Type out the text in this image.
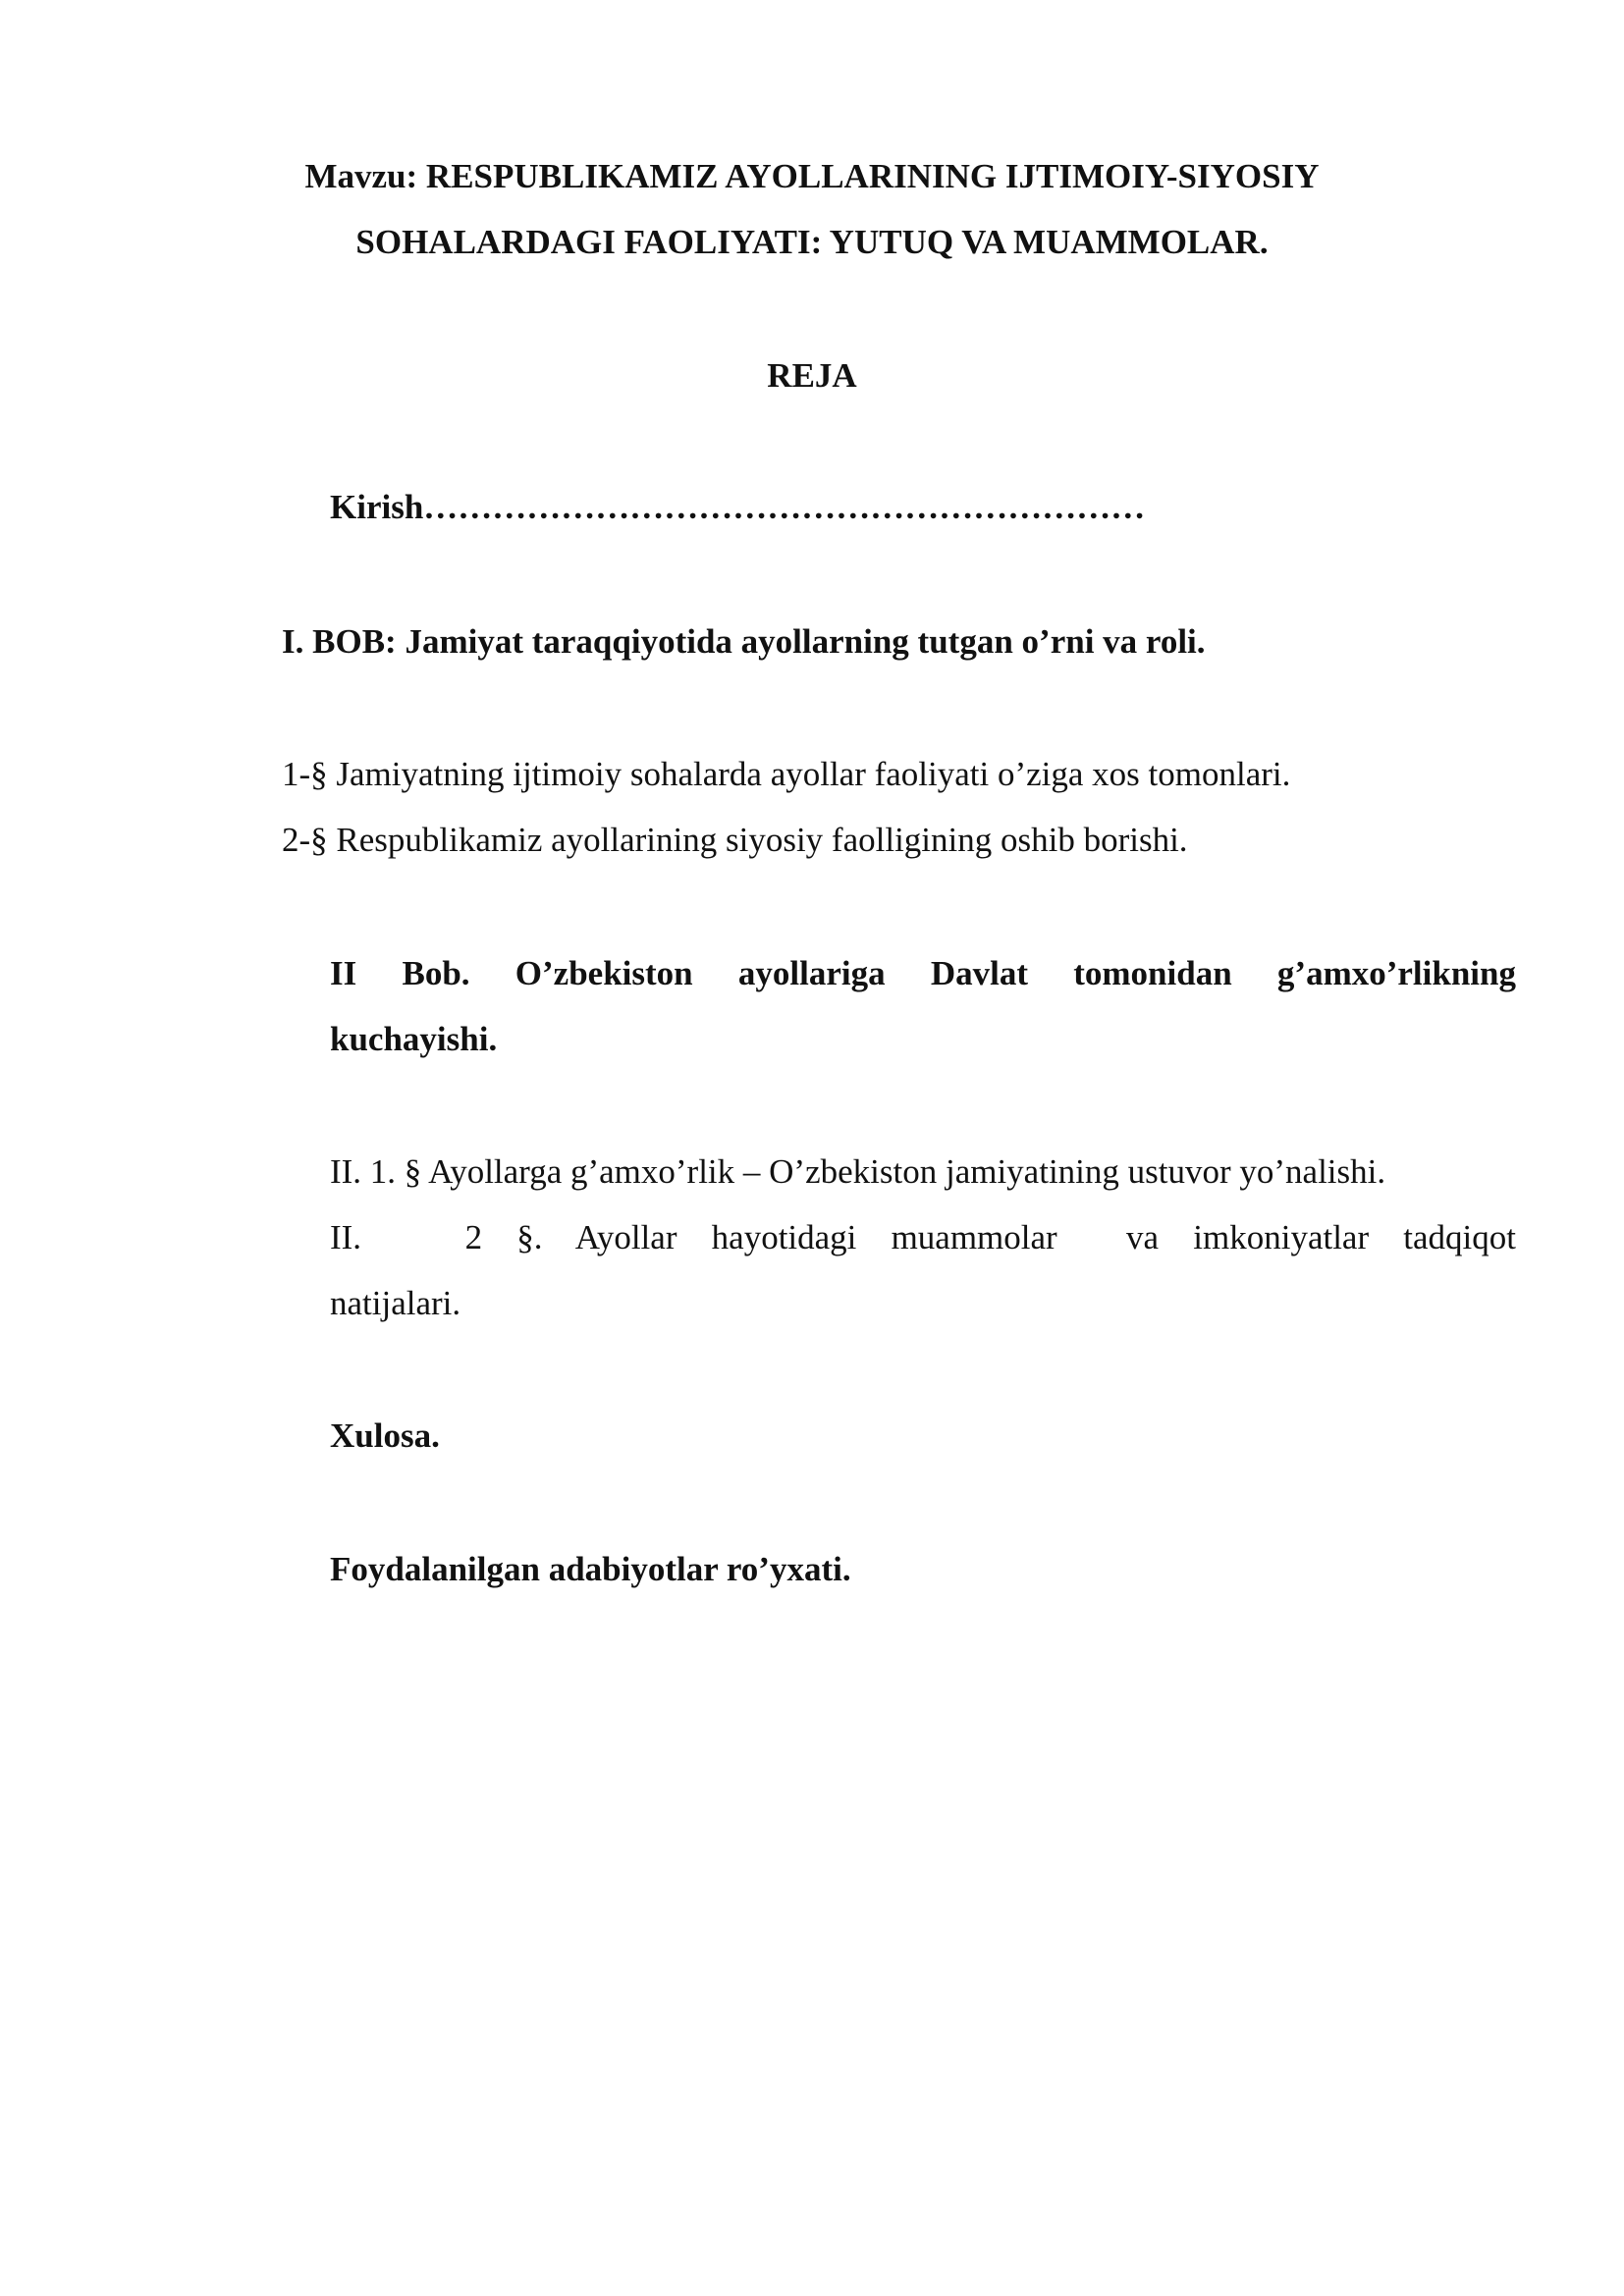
Mavzu: RESPUBLIKAMIZ AYOLLARINING IJTIMOIY-SIYOSIY
SOHALARDAGI FAOLIYATI: YUTUQ VA MUAMMOLAR.
REJA
Kirish………………………………………………………
I. BOB: Jamiyat taraqqiyotida ayollarning tutgan o’rni va roli.
1-§ Jamiyatning ijtimoiy sohalarda ayollar faoliyati o’ziga xos tomonlari.
2-§ Respublikamiz ayollarining siyosiy faolligining oshib borishi.
II Bob. O’zbekiston ayollariga Davlat tomonidan g’amxo’rlikning
kuchayishi.
II. 1. § Ayollarga g’amxo’rlik – O’zbekiston jamiyatining ustuvor yo’nalishi.
II.   2 §. Ayollar hayotidagi muammolar  va imkoniyatlar tadqiqot
natijalari.
Xulosa.
Foydalanilgan adabiyotlar ro’yxati.
